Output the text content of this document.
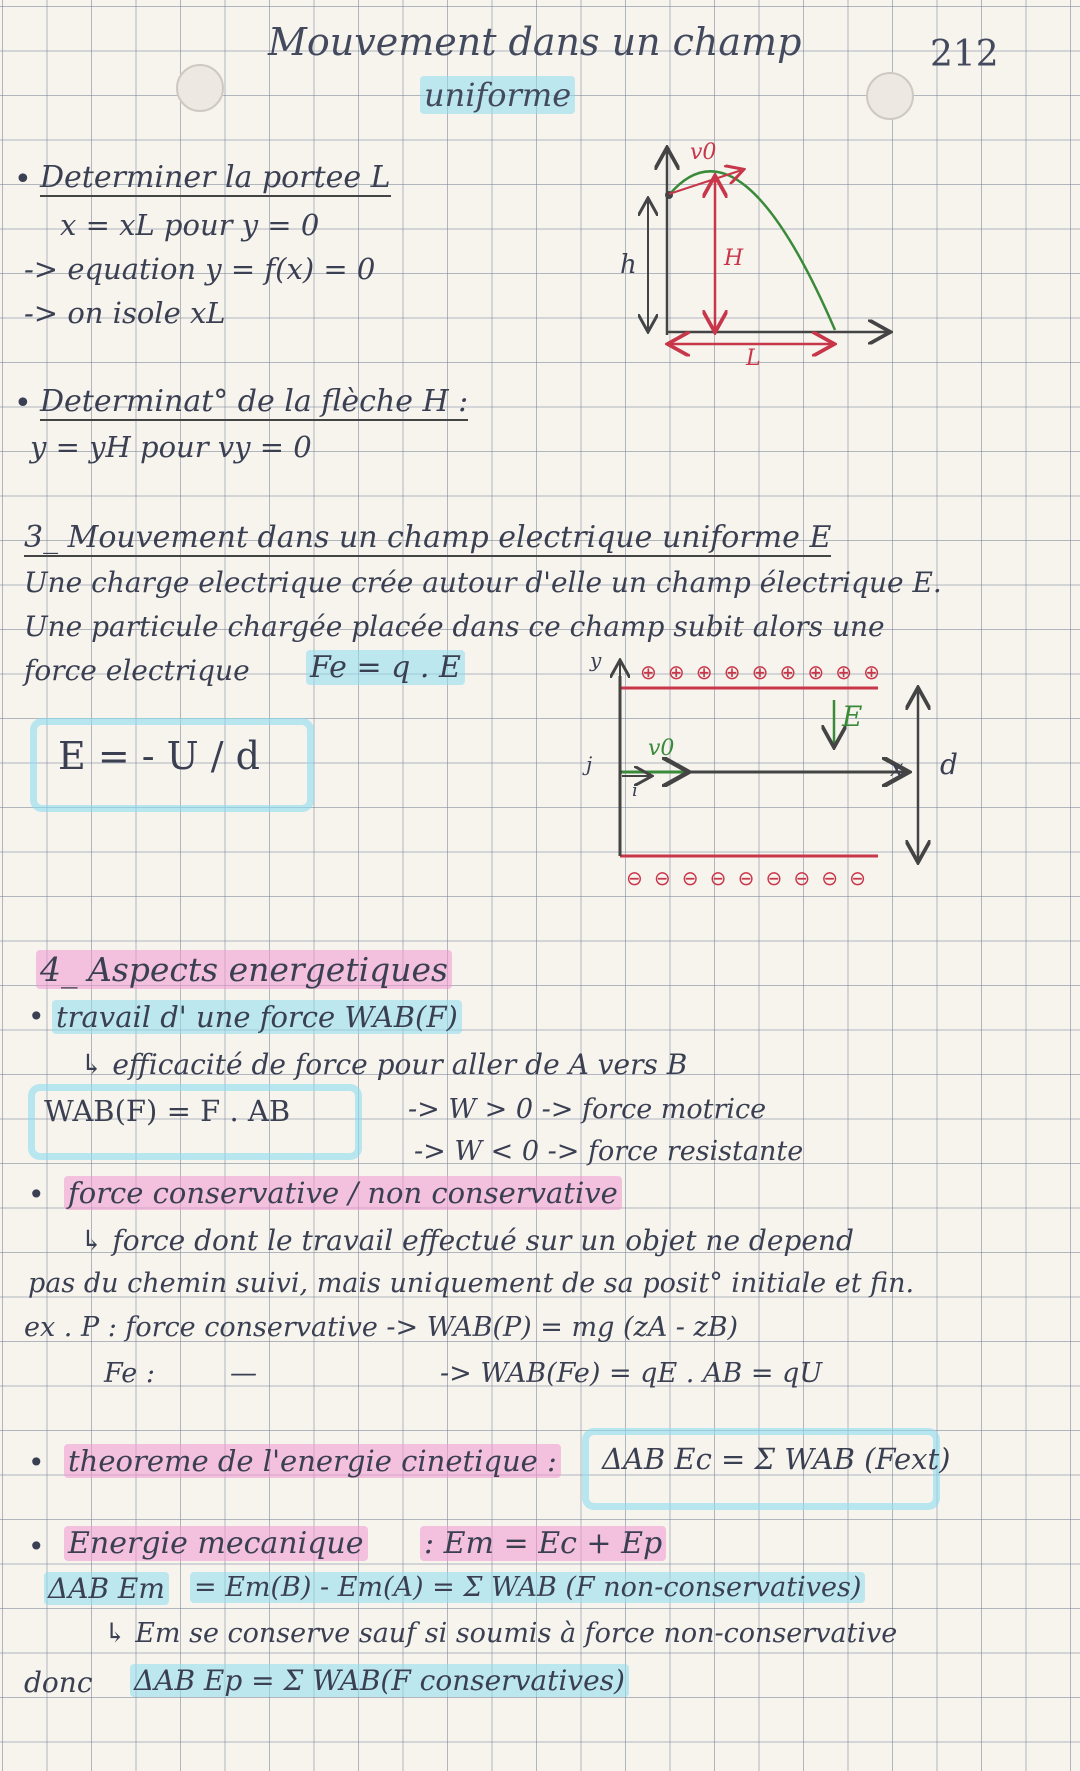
Mouvement dans un champ
uniforme
212
• Determiner la portee L
x = xL pour y = 0
-> equation y = f(x) = 0
-> on isole xL
v0
h	H
L
• Determinat° de la flèche H :
y = yH pour vy = 0
3_ Mouvement dans un champ electrique uniforme E
Une charge electrique crée autour d'elle un champ électrique E.
Une particule chargée placée dans ce champ subit alors une
force electrique Fe = q . E
E = - U / d
y
E
v0
x d
j
i
⊕ ⊕ ⊕ ⊕ ⊕ ⊕ ⊕ ⊕ ⊕
⊖ ⊖ ⊖ ⊖ ⊖ ⊖ ⊖ ⊖ ⊖
4_ Aspects energetiques
• travail d' une force WAB(F)
↳ efficacité de force pour aller de A vers B
WAB(F) = F . AB	-> W > 0 -> force motrice
-> W < 0 -> force resistante
• force conservative / non conservative
↳ force dont le travail effectué sur un objet ne depend
pas du chemin suivi, mais uniquement de sa posit° initiale et fin.
ex . P : force conservative -> WAB(P) = mg (zA - zB)
Fe :	—	-> WAB(Fe) = qE . AB = qU
• theoreme de l'energie cinetique : ΔAB Ec = Σ WAB (Fext)
• Energie mecanique : Em = Ec + Ep
ΔAB Em = Em(B) - Em(A) = Σ WAB (F non-conservatives)
↳ Em se conserve sauf si soumis à force non-conservative
donc ΔAB Ep = Σ WAB(F conservatives)
